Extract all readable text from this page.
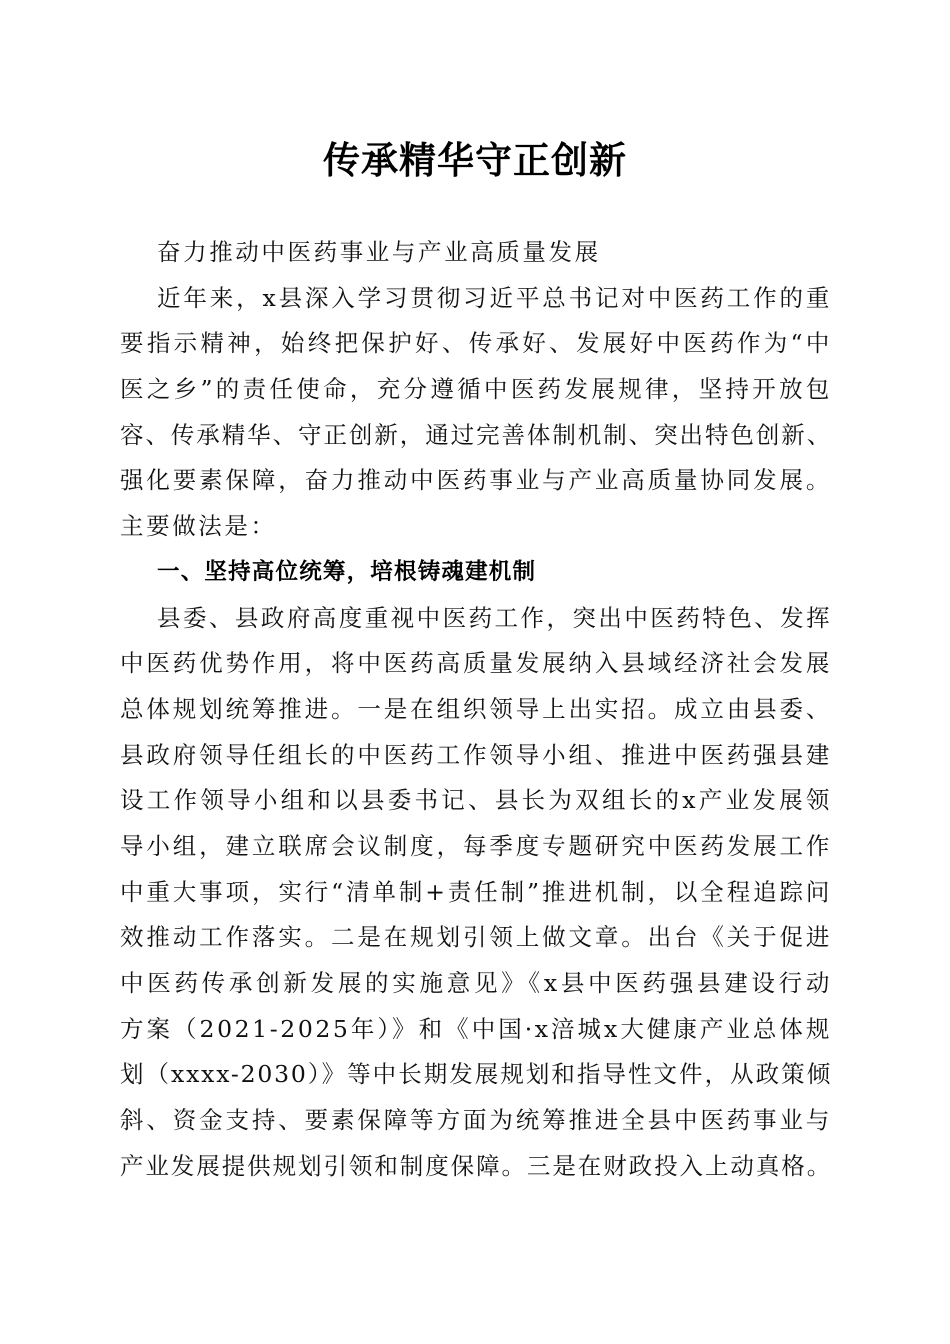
传承精华守正创新
奋力推动中医药事业与产业高质量发展
近年来，x县深入学习贯彻习近平总书记对中医药工作的重
要指示精神，始终把保护好、传承好、发展好中医药作为“中
医之乡”的责任使命，充分遵循中医药发展规律，坚持开放包
容、传承精华、守正创新，通过完善体制机制、突出特色创新、
强化要素保障，奋力推动中医药事业与产业高质量协同发展。
主要做法是：
一、坚持高位统筹，培根铸魂建机制
县委、县政府高度重视中医药工作，突出中医药特色、发挥
中医药优势作用，将中医药高质量发展纳入县域经济社会发展
总体规划统筹推进。一是在组织领导上出实招。成立由县委、
县政府领导任组长的中医药工作领导小组、推进中医药强县建
设工作领导小组和以县委书记、县长为双组长的x产业发展领
导小组，建立联席会议制度，每季度专题研究中医药发展工作
中重大事项，实行“清单制+责任制”推进机制，以全程追踪问
效推动工作落实。二是在规划引领上做文章。出台《关于促进
中医药传承创新发展的实施意见》《x县中医药强县建设行动
方案（2021-2025年）》和《中国·x涪城x大健康产业总体规
划（xxxx-2030）》等中长期发展规划和指导性文件，从政策倾
斜、资金支持、要素保障等方面为统筹推进全县中医药事业与
产业发展提供规划引领和制度保障。三是在财政投入上动真格。
